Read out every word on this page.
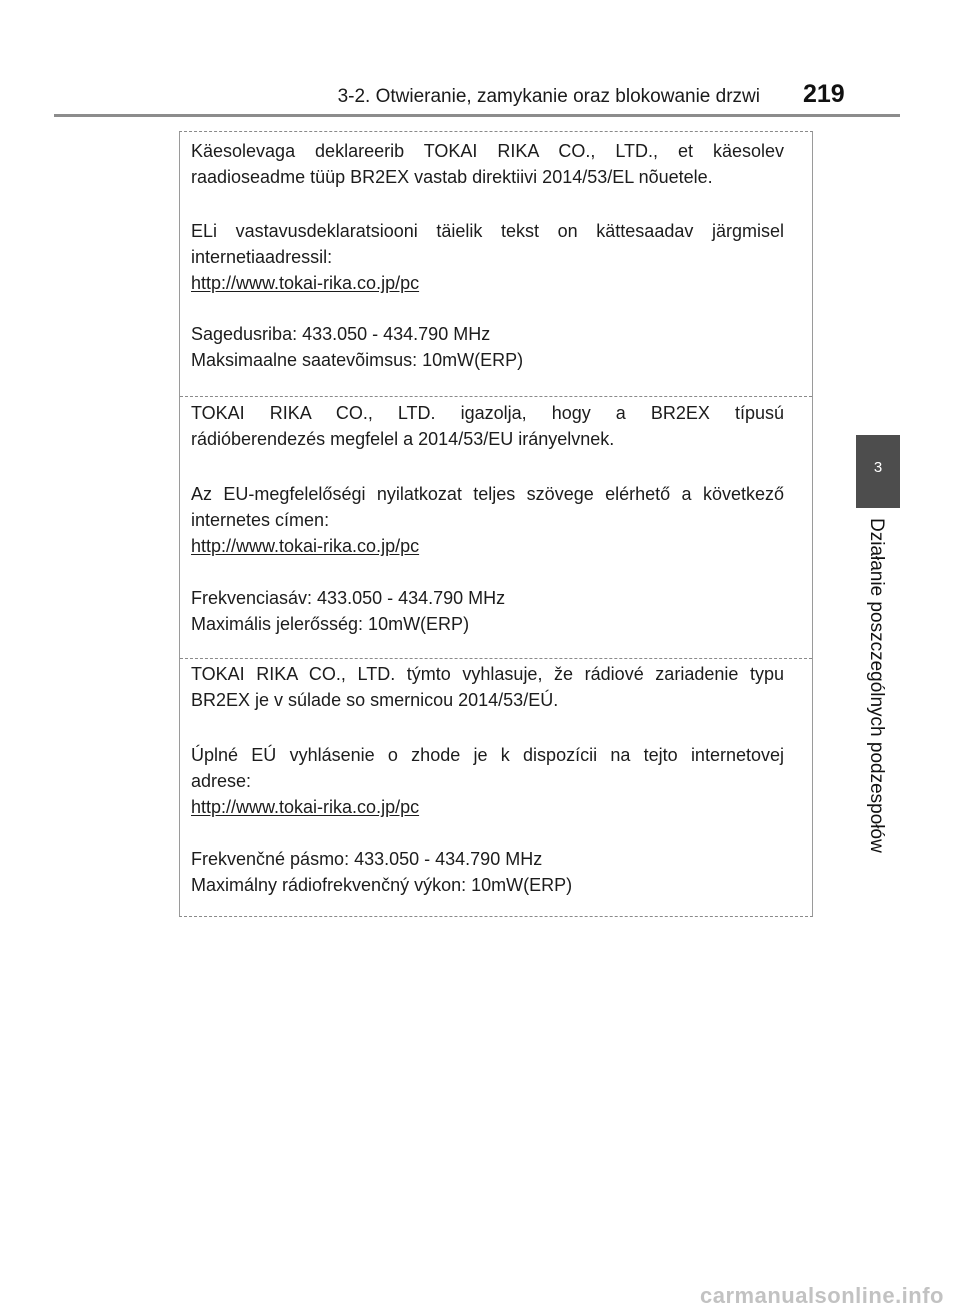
3-2. Otwieranie, zamykanie oraz blokowanie drzwi 219
3
Działanie poszczególnych podzespołów

Käesolevaga deklareerib TOKAI RIKA CO., LTD., et käesolev

raadioseadme tüüp BR2EX vastab direktiivi 2014/53/EL nõuetele.

ELi vastavusdeklaratsiooni täielik tekst on kättesaadav järgmisel

internetiaadressil:

http://www.tokai-rika.co.jp/pc

Sagedusriba: 433.050 - 434.790 MHz

Maksimaalne saatevõimsus: 10mW(ERP)

TOKAI RIKA CO., LTD. igazolja, hogy a BR2EX típusú

rádióberendezés megfelel a 2014/53/EU irányelvnek.

Az EU-megfelelőségi nyilatkozat teljes szövege elérhető a következő

internetes címen:

http://www.tokai-rika.co.jp/pc

Frekvenciasáv: 433.050 - 434.790 MHz

Maximális jelerősség: 10mW(ERP)

TOKAI RIKA CO., LTD. týmto vyhlasuje, že rádiové zariadenie typu

BR2EX je v súlade so smernicou 2014/53/EÚ.

Úplné EÚ vyhlásenie o zhode je k dispozícii na tejto internetovej

adrese:

http://www.tokai-rika.co.jp/pc

Frekvenčné pásmo: 433.050 - 434.790 MHz

Maximálny rádiofrekvenčný výkon: 10mW(ERP)

carmanualsonline.info
